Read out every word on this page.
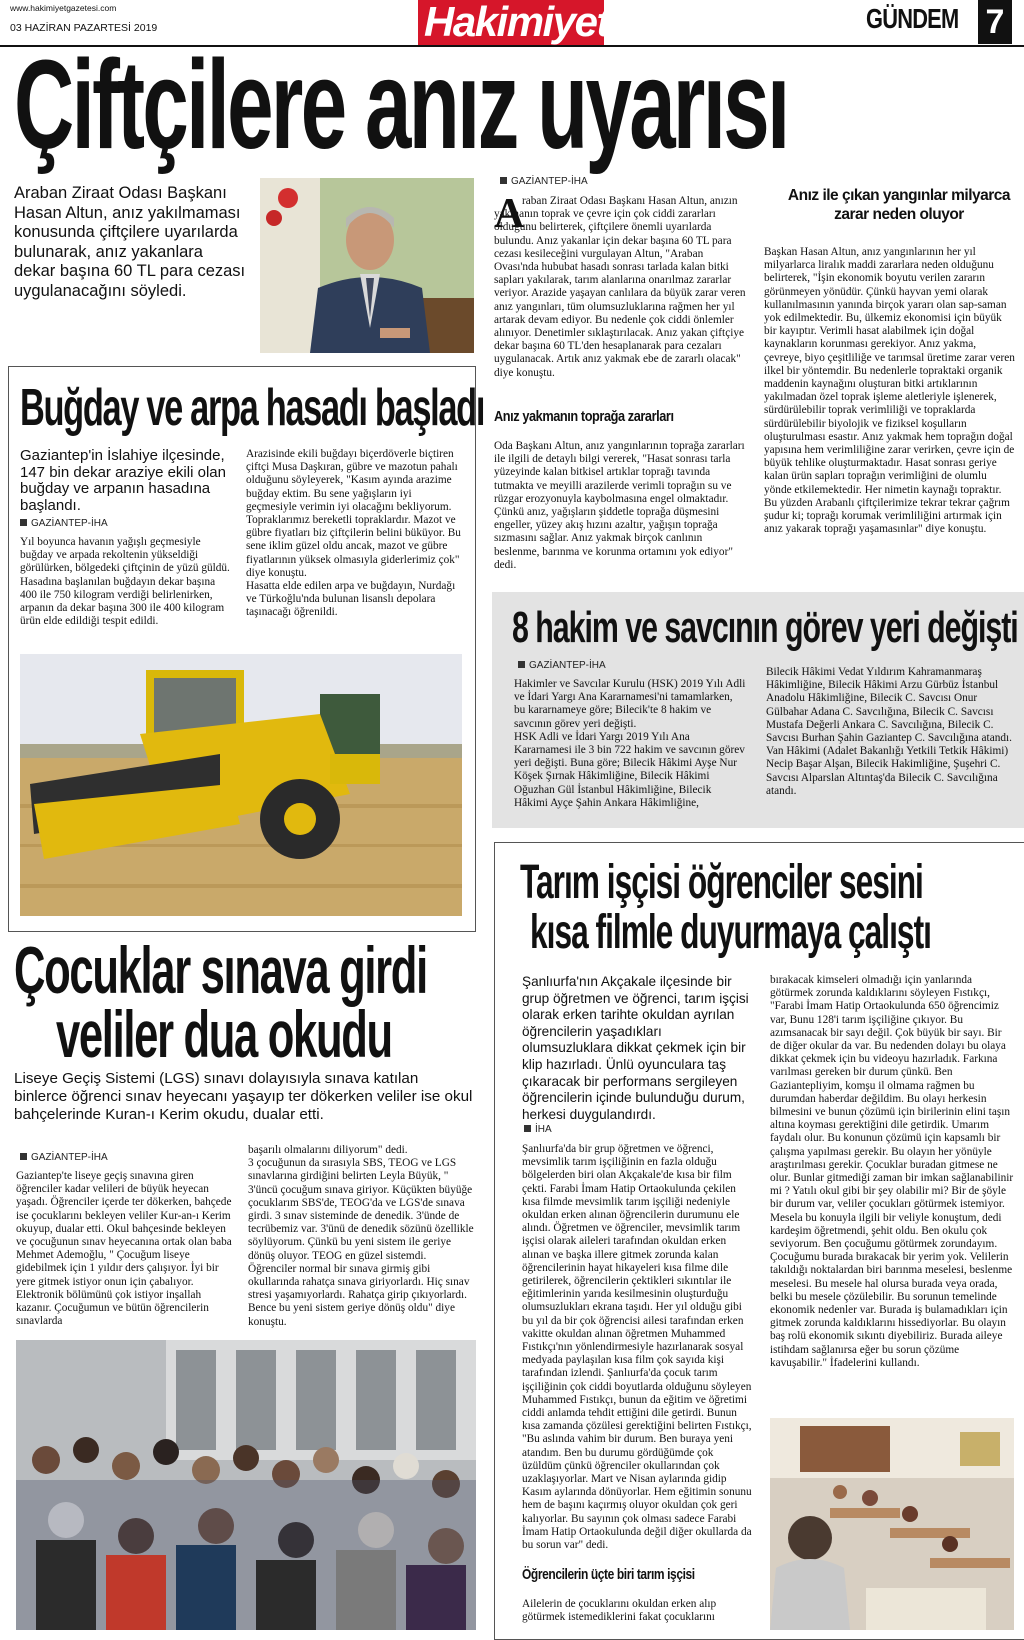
www.hakimiyetgazetesi.com
03 HAZİRAN PAZARTESİ 2019	Hakimiyet	GÜNDEM 7
Çiftçilere anız uyarısı
Araban Ziraat Odası Başkanı Hasan Altun, anız yakılmaması konusunda çiftçilere uyarılarda bulunarak, anız yakanlara dekar başına 60 TL para cezası uygulanacağını söyledi.
GAZİANTEP-İHA
A
raban Ziraat Odası Başkanı Hasan Altun, anızın yakmanın toprak ve çevre için çok ciddi zararları olduğunu belirterek, çiftçilere önemli uyarılarda bulundu. Anız yakanlar için dekar başına 60 TL para cezası kesileceğini vurgulayan Altun, "Araban Ovası'nda hububat hasadı sonrası tarlada kalan bitki sapları yakılarak, tarım alanlarına onarılmaz zararlar veriyor. Arazide yaşayan canlılara da büyük zarar veren anız yangınları, tüm olumsuzluklarına rağmen her yıl artarak devam ediyor. Bu nedenle çok ciddi önlemler alınıyor. Denetimler sıklaştırılacak. Anız yakan çiftçiye dekar başına 60 TL'den hesaplanarak para cezaları uygulanacak. Artık anız yakmak ebe de zararlı olacak" diye konuştu.
Anız yakmanın toprağa zararları
Oda Başkanı Altun, anız yangınlarının toprağa zararları ile ilgili de detaylı bilgi vererek, "Hasat sonrası tarla yüzeyinde kalan bitkisel artıklar toprağı tavında tutmakta ve meyilli arazilerde verimli toprağın su ve rüzgar erozyonuyla kaybolmasına engel olmaktadır. Çünkü anız, yağışların şiddetle toprağa düşmesini engeller, yüzey akış hızını azaltır, yağışın toprağa sızmasını sağlar. Anız yakmak birçok canlının beslenme, barınma ve korunma ortamını yok ediyor" dedi.
Anız ile çıkan yangınlar milyarca zarar neden oluyor
Başkan Hasan Altun, anız yangınlarının her yıl milyarlarca liralık maddi zararlara neden olduğunu belirterek, "İşin ekonomik boyutu verilen zararın görünmeyen yönüdür. Çünkü hayvan yemi olarak kullanılmasının yanında birçok yararı olan sap-saman yok edilmektedir. Bu, ülkemiz ekonomisi için büyük bir kayıptır. Verimli hasat alabilmek için doğal kaynakların korunması gerekiyor. Anız yakma, çevreye, biyo çeşitliliğe ve tarımsal üretime zarar veren ilkel bir yöntemdir. Bu nedenlerle topraktaki organik maddenin kaynağını oluşturan bitki artıklarının yakılmadan özel toprak işleme aletleriyle işlenerek, sürdürülebilir toprak verimliliği ve topraklarda sürdürülebilir biyolojik ve fiziksel koşulların oluşturulması esastır. Anız yakmak hem toprağın doğal yapısına hem verimliliğine zarar verirken, çevre için de büyük tehlike oluşturmaktadır. Hasat sonrası geriye kalan ürün sapları toprağın verimliğini de olumlu yönde etkilemektedir. Her nimetin kaynağı topraktır. Bu yüzden Arabanlı çiftçilerimize tekrar tekrar çağrım şudur ki; toprağı korumak verimliliğini artırmak için anız yakarak toprağı yaşamasınlar" diye konuştu.
Buğday ve arpa hasadı başladı
Gaziantep'in İslahiye ilçesinde, 147 bin dekar araziye ekili olan buğday ve arpanın hasadına başlandı.
GAZİANTEP-İHA
Yıl boyunca havanın yağışlı geçmesiyle buğday ve arpada rekoltenin yükseldiği görülürken, bölgedeki çiftçinin de yüzü güldü. Hasadına başlanılan buğdayın dekar başına 400 ile 750 kilogram verdiği belirlenirken, arpanın da dekar başına 300 ile 400 kilogram ürün elde edildiği tespit edildi.
Arazisinde ekili buğdayı biçerdöverle biçtiren çiftçi Musa Daşkıran, gübre ve mazotun pahalı olduğunu söyleyerek, "Kasım ayında arazime buğday ektim. Bu sene yağışların iyi geçmesiyle verimin iyi olacağını bekliyorum. Topraklarımız bereketli topraklardır. Mazot ve gübre fiyatları biz çiftçilerin belini büküyor. Bu sene iklim güzel oldu ancak, mazot ve gübre fiyatlarının yüksek olmasıyla giderlerimiz çok" diye konuştu.
Hasatta elde edilen arpa ve buğdayın, Nurdağı ve Türkoğlu'nda bulunan lisanslı depolara taşınacağı öğrenildi.	8 hakim ve savcının görev yeri değişti
GAZİANTEP-İHA
Hakimler ve Savcılar Kurulu (HSK) 2019 Yılı Adli ve İdari Yargı Ana Kararnamesi'ni tamamlarken, bu kararnameye göre; Bilecik'te 8 hakim ve savcının görev yeri değişti.
HSK Adli ve İdari Yargı 2019 Yılı Ana Kararnamesi ile 3 bin 722 hakim ve savcının görev yeri değişti. Buna göre; Bilecik Hâkimi Ayşe Nur Köşek Şırnak Hâkimliğine, Bilecik Hâkimi Oğuzhan Gül İstanbul Hâkimliğine, Bilecik Hâkimi Ayçe Şahin Ankara Hâkimliğine,
Bilecik Hâkimi Vedat Yıldırım Kahramanmaraş Hâkimliğine, Bilecik Hâkimi Arzu Gürbüz İstanbul Anadolu Hâkimliğine, Bilecik C. Savcısı Onur Gülbahar Adana C. Savcılığına, Bilecik C. Savcısı Mustafa Değerli Ankara C. Savcılığına, Bilecik C. Savcısı Burhan Şahin Gaziantep C. Savcılığına atandı. Van Hâkimi (Adalet Bakanlığı Yetkili Tetkik Hâkimi) Necip Başar Alşan, Bilecik Hakimliğine, Şuşehri C. Savcısı Alparslan Altıntaş'da Bilecik C. Savcılığına atandı.
Tarım işçisi öğrenciler sesini
kısa filmle duyurmaya çalıştı
Şanlıurfa'nın Akçakale ilçesinde bir grup öğretmen ve öğrenci, tarım işçisi olarak erken tarihte okuldan ayrılan öğrencilerin yaşadıkları olumsuzluklara dikkat çekmek için bir klip hazırladı. Ünlü oyunculara taş çıkaracak bir performans sergileyen öğrencilerin içinde bulunduğu durum, herkesi duygulandırdı.
İHA
Şanlıurfa'da bir grup öğretmen ve öğrenci, mevsimlik tarım işçiliğinin en fazla olduğu bölgelerden biri olan Akçakale'de kısa bir film çekti. Farabi İmam Hatip Ortaokulunda çekilen kısa filmde mevsimlik tarım işçiliği nedeniyle okuldan erken alınan öğrencilerin durumunu ele alındı. Öğretmen ve öğrenciler, mevsimlik tarım işçisi olarak aileleri tarafından okuldan erken alınan ve başka illere gitmek zorunda kalan öğrencilerinin hayat hikayeleri kısa filme dile getirilerek, öğrencilerin çektikleri sıkıntılar ile eğitimlerinin yarıda kesilmesinin oluşturduğu olumsuzlukları ekrana taşıdı. Her yıl olduğu gibi bu yıl da bir çok öğrencisi ailesi tarafından erken vakitte okuldan alınan öğretmen Muhammed Fıstıkçı'nın yönlendirmesiyle hazırlanarak sosyal medyada paylaşılan kısa film çok sayıda kişi tarafından izlendi. Şanlıurfa'da çocuk tarım işçiliğinin çok ciddi boyutlarda olduğunu söyleyen Muhammed Fıstıkçı, bunun da eğitim ve öğretimi ciddi anlamda tehdit ettiğini dile getirdi. Bunun kısa zamanda çözülesi gerektiğini belirten Fıstıkçı, "Bu aslında vahim bir durum. Ben buraya yeni atandım. Ben bu durumu gördüğümde çok üzüldüm çünkü öğrenciler okullarından çok uzaklaşıyorlar. Mart ve Nisan aylarında gidip Kasım aylarında dönüyorlar. Hem eğitimin sonunu hem de başını kaçırmış oluyor okuldan çok geri kalıyorlar. Bu sayının çok olması sadece Farabi İmam Hatip Ortaokulunda değil diğer okullarda da bu sorun var" dedi.
Öğrencilerin üçte biri tarım işçisi
Ailelerin de çocuklarını okuldan erken alıp götürmek istemediklerini fakat çocuklarını
bırakacak kimseleri olmadığı için yanlarında götürmek zorunda kaldıklarını söyleyen Fıstıkçı, "Farabi İmam Hatip Ortaokulunda 650 öğrencimiz var, Bunu 128'i tarım işçiliğine çıkıyor. Bu azımsanacak bir sayı değil. Çok büyük bir sayı. Bir de diğer okular da var. Bu nedenden dolayı bu olaya dikkat çekmek için bu videoyu hazırladık. Farkına varılması gereken bir durum çünkü. Ben Gaziantepliyim, komşu il olmama rağmen bu durumdan haberdar değildim. Bu olayı herkesin bilmesini ve bunun çözümü için birilerinin elini taşın altına koyması gerektiğini dile getirdik. Umarım faydalı olur. Bu konunun çözümü için kapsamlı bir çalışma yapılması gerekir. Bu olayın her yönüyle araştırılması gerekir. Çocuklar buradan gitmese ne olur. Bunlar gitmediği zaman bir imkan sağlanabilinir mi ? Yatılı okul gibi bir şey olabilir mi? Bir de şöyle bir durum var, veliler çocukları götürmek istemiyor. Mesela bu konuyla ilgili bir veliyle konuştum, dedi kardeşim öğretmendi, şehit oldu. Ben okulu çok seviyorum. Ben çocuğumu götürmek zorundayım. Çocuğumu burada bırakacak bir yerim yok. Velilerin takıldığı noktalardan biri barınma meselesi, beslenme meselesi. Bu mesele hal olursa burada veya orada, belki bu mesele çözülebilir. Bu sorunun temelinde ekonomik nedenler var. Burada iş bulamadıkları için gitmek zorunda kaldıklarını hissediyorlar. Bu olayın baş rolü ekonomik sıkıntı diyebiliriz. Burada aileye istihdam sağlanırsa eğer bu sorun çözüme kavuşabilir." İfadelerini kullandı.
Çocuklar sınava girdi
veliler dua okudu
Liseye Geçiş Sistemi (LGS) sınavı dolayısıyla sınava katılan binlerce öğrenci sınav heyecanı yaşayıp ter dökerken veliler ise okul bahçelerinde Kuran-ı Kerim okudu, dualar etti.
GAZİANTEP-İHA
Gaziantep'te liseye geçiş sınavına giren öğrenciler kadar velileri de büyük heyecan yaşadı. Öğrenciler içerde ter dökerken, bahçede ise çocuklarını bekleyen veliler Kur-an-ı Kerim okuyup, dualar etti. Okul bahçesinde bekleyen ve çocuğunun sınav heyecanına ortak olan baba Mehmet Ademoğlu, " Çocuğum liseye gidebilmek için 1 yıldır ders çalışıyor. İyi bir yere gitmek istiyor onun için çabalıyor. Elektronik bölümünü çok istiyor inşallah kazanır. Çocuğumun ve bütün öğrencilerin sınavlarda
başarılı olmalarını diliyorum" dedi.
3 çocuğunun da sırasıyla SBS, TEOG ve LGS sınavlarına girdiğini belirten Leyla Büyük, " 3'üncü çocuğum sınava giriyor. Küçükten büyüğe çocuklarım SBS'de, TEOG'da ve LGS'de sınava girdi. 3 sınav sisteminde de denedik. 3'ünde de tecrübemiz var. 3'ünü de denedik sözünü özellikle söylüyorum. Çünkü bu yeni sistem ile geriye dönüş oluyor. TEOG en güzel sistemdi. Öğrenciler normal bir sınava girmiş gibi okullarında rahatça sınava giriyorlardı. Hiç sınav stresi yaşamıyorlardı. Rahatça girip çıkıyorlardı. Bence bu yeni sistem geriye dönüş oldu" diye konuştu.
